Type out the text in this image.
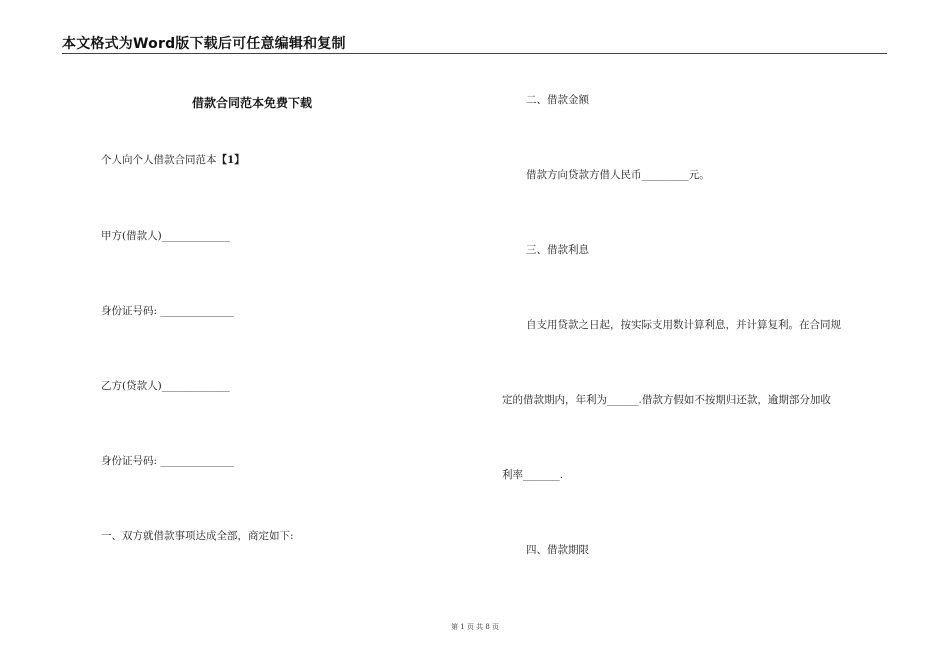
本文格式为Word版下载后可任意编辑和复制
借款合同范本免费下载
个人向个人借款合同范本【1】
甲方(借款人)_____________
身份证号码: ______________
乙方(贷款人)_____________
身份证号码: ______________
一、双方就借款事项达成全部，商定如下:
二、借款金额
借款方向贷款方借人民币_________元。
三、借款利息
自支用贷款之日起，按实际支用数计算利息，并计算复利。在合同规
定的借款期内，年利为______.借款方假如不按期归还款，逾期部分加收
利率_______.
四、借款期限
第 1 页 共 8 页
